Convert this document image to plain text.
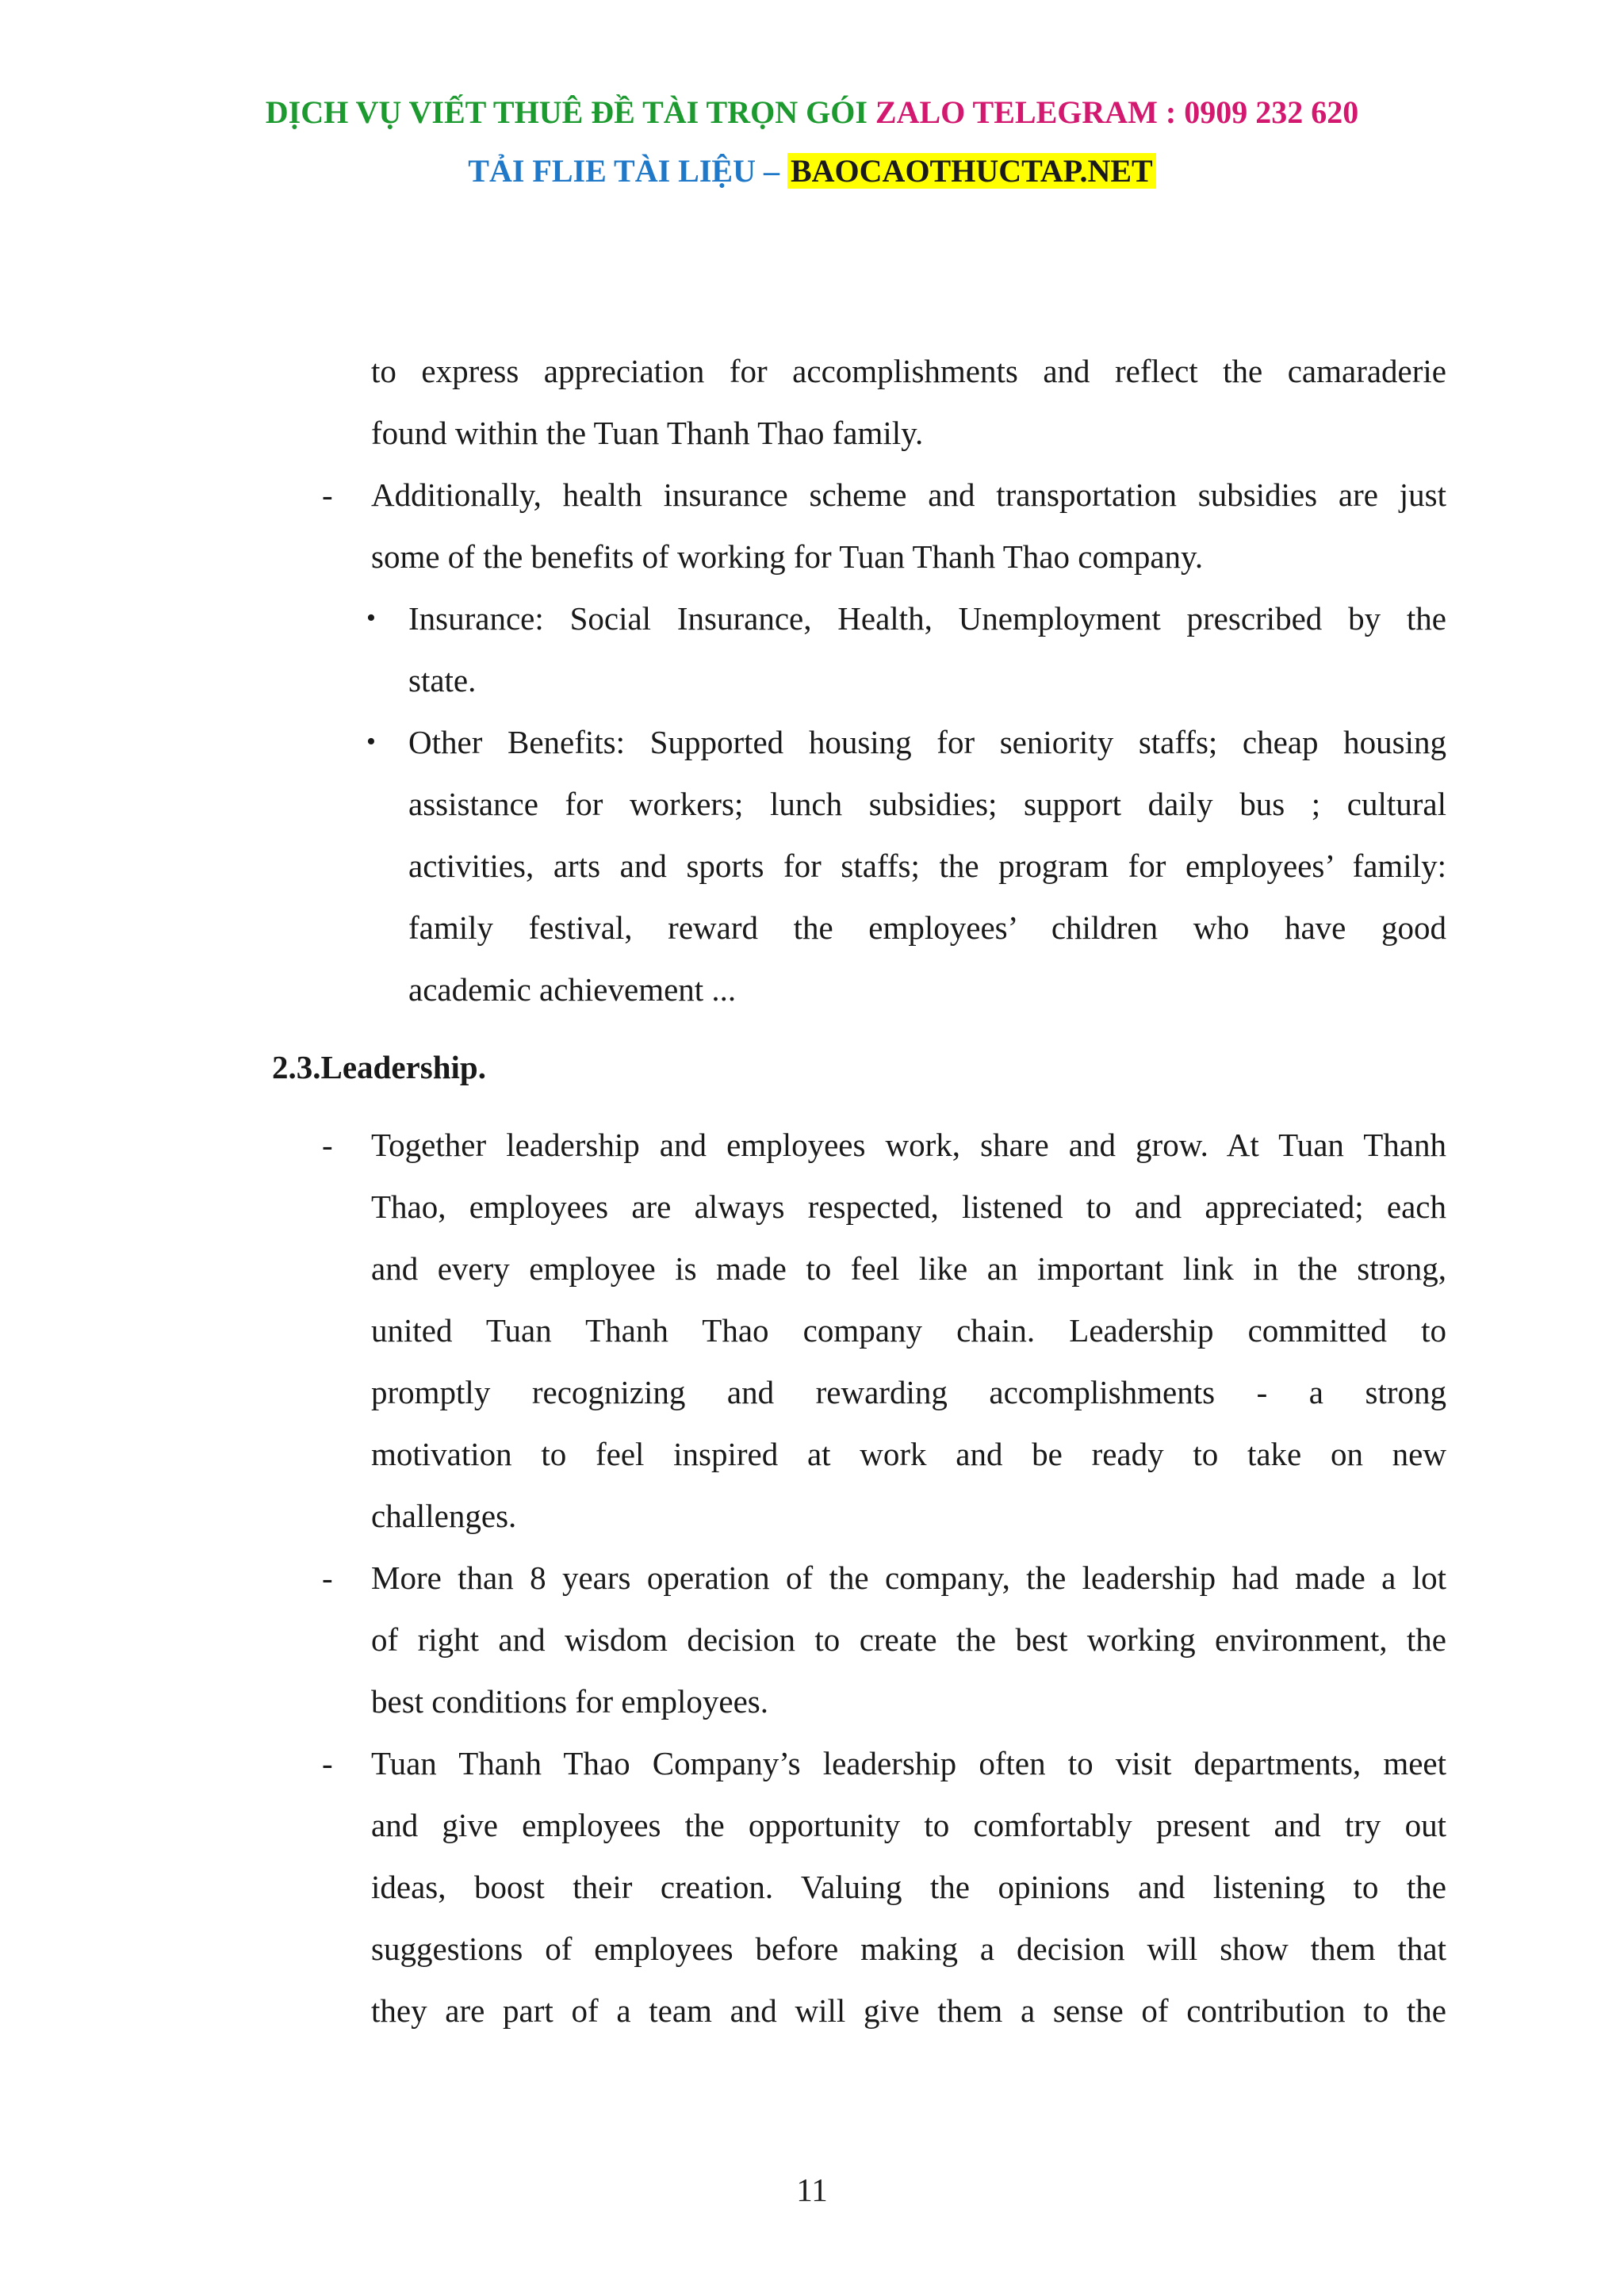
DỊCH VỤ VIẾT THUÊ ĐỀ TÀI TRỌN GÓI ZALO TELEGRAM : 0909 232 620
TẢI FLIE TÀI LIỆU – BAOCAOTHUCTAP.NET
to express appreciation for accomplishments and reflect the camaraderie
found within the Tuan Thanh Thao family.
- Additionally, health insurance scheme and transportation subsidies are just
some of the benefits of working for Tuan Thanh Thao company.
• Insurance: Social Insurance, Health, Unemployment prescribed by the
state.
• Other Benefits: Supported housing for seniority staffs; cheap housing
assistance for workers; lunch subsidies; support daily bus ; cultural
activities, arts and sports for staffs; the program for employees’ family:
family festival, reward the employees’ children who have good
academic achievement ...
2.3.Leadership.
- Together leadership and employees work, share and grow. At Tuan Thanh
Thao, employees are always respected, listened to and appreciated; each
and every employee is made to feel like an important link in the strong,
united Tuan Thanh Thao company chain. Leadership committed to
promptly recognizing and rewarding accomplishments - a strong
motivation to feel inspired at work and be ready to take on new
challenges.
- More than 8 years operation of the company, the leadership had made a lot
of right and wisdom decision to create the best working environment, the
best conditions for employees.
- Tuan Thanh Thao Company’s leadership often to visit departments, meet
and give employees the opportunity to comfortably present and try out
ideas, boost their creation. Valuing the opinions and listening to the
suggestions of employees before making a decision will show them that
they are part of a team and will give them a sense of contribution to the
11
